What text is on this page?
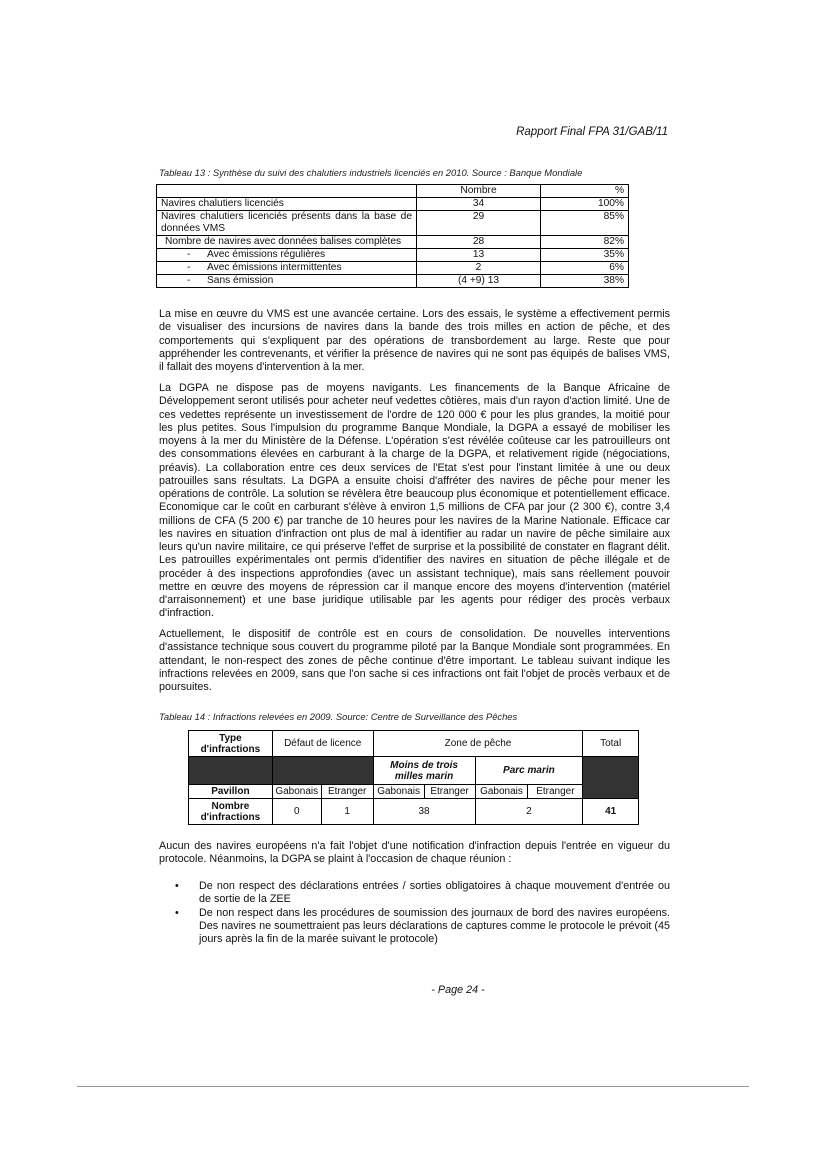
Rapport Final FPA 31/GAB/11
Tableau 13 : Synthèse du suivi des chalutiers industriels licenciés en 2010. Source : Banque Mondiale
	Nombre	%
Navires chalutiers licenciés	34	100%
Navires chalutiers licenciés présents dans la base de données VMS	29	85%
Nombre de navires avec données balises complètes	28	82%
- Avec émissions régulières	13	35%
- Avec émissions intermittentes	2	6%
- Sans émission	(4 +9) 13	38%

La mise en œuvre du VMS est une avancée certaine. Lors des essais, le système a effectivement permis de visualiser des incursions de navires dans la bande des trois milles en action de pêche, et des comportements qui s'expliquent par des opérations de transbordement au large. Reste que pour appréhender les contrevenants, et vérifier la présence de navires qui ne sont pas équipés de balises VMS, il fallait des moyens d'intervention à la mer.

La DGPA ne dispose pas de moyens navigants. Les financements de la Banque Africaine de Développement seront utilisés pour acheter neuf vedettes côtières, mais d'un rayon d'action limité. Une de ces vedettes représente un investissement de l'ordre de 120 000 € pour les plus grandes, la moitié pour les plus petites. Sous l'impulsion du programme Banque Mondiale, la DGPA a essayé de mobiliser les moyens à la mer du Ministère de la Défense. L'opération s'est révélée coûteuse car les patrouilleurs ont des consommations élevées en carburant à la charge de la DGPA, et relativement rigide (négociations, préavis). La collaboration entre ces deux services de l'Etat s'est pour l'instant limitée à une ou deux patrouilles sans résultats. La DGPA a ensuite choisi d'affréter des navires de pêche pour mener les opérations de contrôle. La solution se révèlera être beaucoup plus économique et potentiellement efficace. Economique car le coût en carburant s'élève à environ 1,5 millions de CFA par jour (2 300 €), contre 3,4 millions de CFA (5 200 €) par tranche de 10 heures pour les navires de la Marine Nationale. Efficace car les navires en situation d'infraction ont plus de mal à identifier au radar un navire de pêche similaire aux leurs qu'un navire militaire, ce qui préserve l'effet de surprise et la possibilité de constater en flagrant délit. Les patrouilles expérimentales ont permis d'identifier des navires en situation de pêche illégale et de procéder à des inspections approfondies (avec un assistant technique), mais sans réellement pouvoir mettre en œuvre des moyens de répression car il manque encore des moyens d'intervention (matériel d'arraisonnement) et une base juridique utilisable par les agents pour rédiger des procès verbaux d'infraction.

Actuellement, le dispositif de contrôle est en cours de consolidation. De nouvelles interventions d'assistance technique sous couvert du programme piloté par la Banque Mondiale sont programmées. En attendant, le non-respect des zones de pêche continue d'être important. Le tableau suivant indique les infractions relevées en 2009, sans que l'on sache si ces infractions ont fait l'objet de procès verbaux et de poursuites.

Tableau 14 : Infractions relevées en 2009. Source: Centre de Surveillance des Pêches
Type d'infractions	Défaut de licence		Zone de pêche				Total
			Moins de trois milles marin		Parc marin		
Pavillon	Gabonais	Etranger	Gabonais	Etranger	Gabonais	Etranger	
Nombre d'infractions	0	1	38		2		41

Aucun des navires européens n'a fait l'objet d'une notification d'infraction depuis l'entrée en vigueur du protocole. Néanmoins, la DGPA se plaint à l'occasion de chaque réunion :

• De non respect des déclarations entrées / sorties obligatoires à chaque mouvement d'entrée ou de sortie de la ZEE
• De non respect dans les procédures de soumission des journaux de bord des navires européens. Des navires ne soumettraient pas leurs déclarations de captures comme le protocole le prévoit (45 jours après la fin de la marée suivant le protocole)
- Page 24 -
